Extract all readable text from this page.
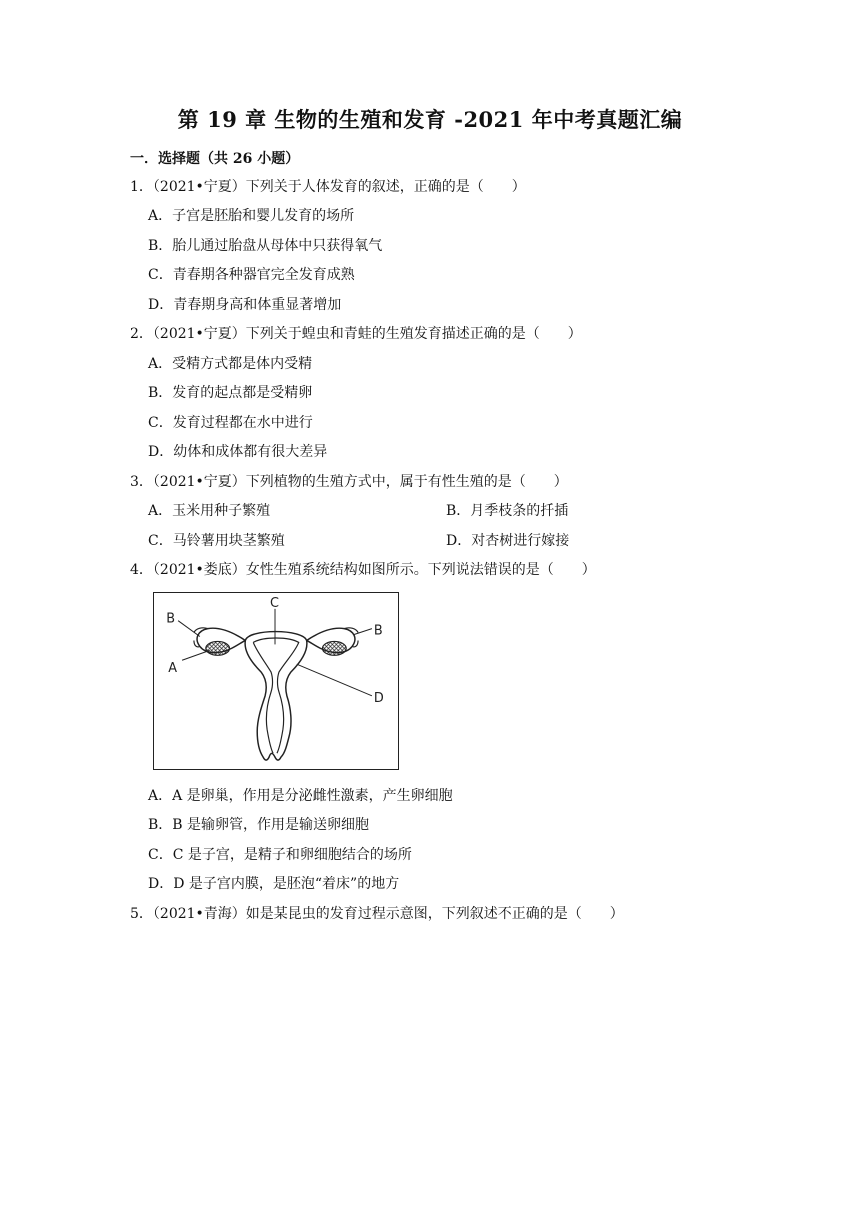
第 19 章 生物的生殖和发育 -2021 年中考真题汇编
一．选择题（共 26 小题）
1．（2021•宁夏）下列关于人体发育的叙述，正确的是（　　）
A．子宫是胚胎和婴儿发育的场所
B．胎儿通过胎盘从母体中只获得氧气
C．青春期各种器官完全发育成熟
D．青春期身高和体重显著增加
2．（2021•宁夏）下列关于蝗虫和青蛙的生殖发育描述正确的是（　　）
A．受精方式都是体内受精
B．发育的起点都是受精卵
C．发育过程都在水中进行
D．幼体和成体都有很大差异
3．（2021•宁夏）下列植物的生殖方式中，属于有性生殖的是（　　）
A．玉米用种子繁殖	B．月季枝条的扦插
C．马铃薯用块茎繁殖	D．对杏树进行嫁接
4．（2021•娄底）女性生殖系统结构如图所示。下列说法错误的是（　　）
C
B
B
A
D
A．A 是卵巢，作用是分泌雌性激素，产生卵细胞
B．B 是输卵管，作用是输送卵细胞
C．C 是子宫，是精子和卵细胞结合的场所
D．D 是子宫内膜，是胚泡“着床”的地方
5．（2021•青海）如是某昆虫的发育过程示意图，下列叙述不正确的是（　　）
